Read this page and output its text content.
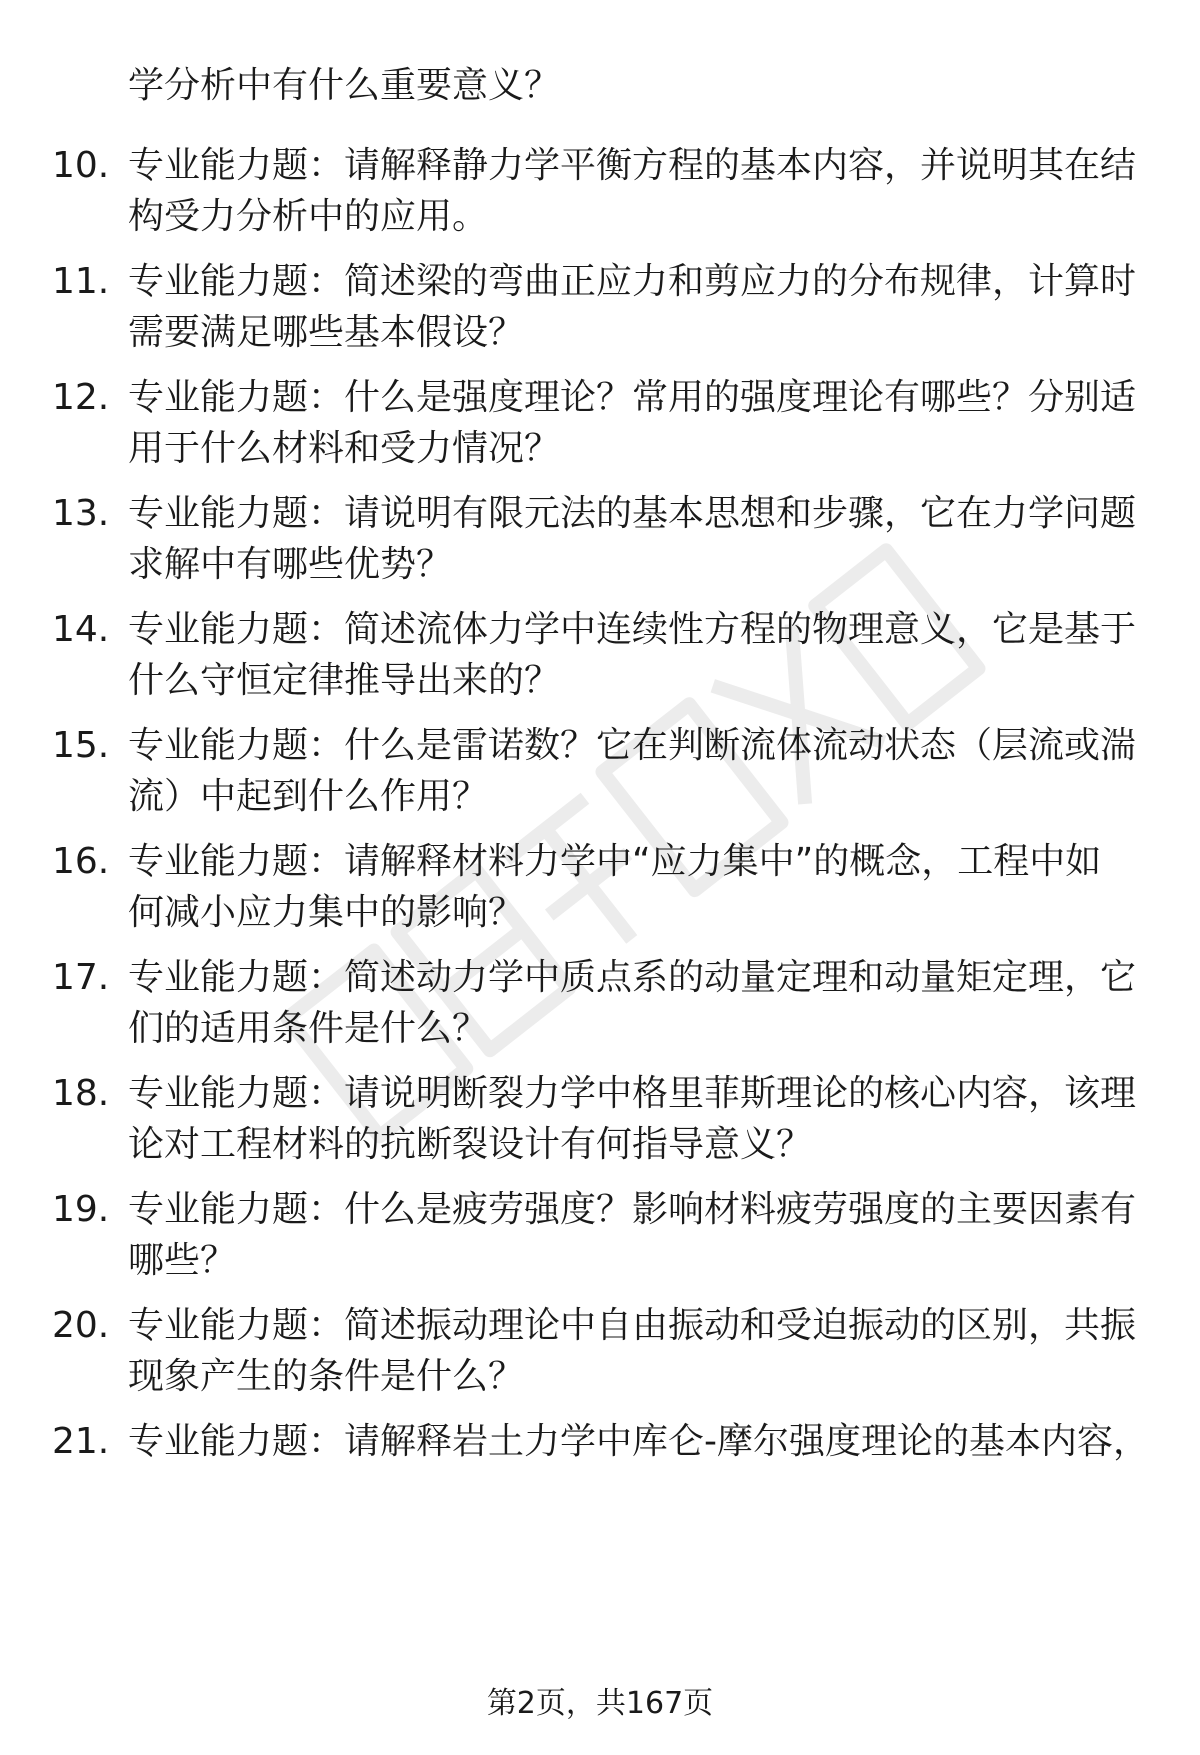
学分析中有什么重要意义？
10. 专业能力题：请解释静力学平衡方程的基本内容，并说明其在结
构受力分析中的应用。
11. 专业能力题：简述梁的弯曲正应力和剪应力的分布规律，计算时
需要满足哪些基本假设？
12. 专业能力题：什么是强度理论？常用的强度理论有哪些？分别适
用于什么材料和受力情况？
13. 专业能力题：请说明有限元法的基本思想和步骤，它在力学问题
求解中有哪些优势？
14. 专业能力题：简述流体力学中连续性方程的物理意义，它是基于
什么守恒定律推导出来的？
15. 专业能力题：什么是雷诺数？它在判断流体流动状态（层流或湍
流）中起到什么作用？
16. 专业能力题：请解释材料力学中“应力集中”的概念，工程中如
何减小应力集中的影响？
17. 专业能力题：简述动力学中质点系的动量定理和动量矩定理，它
们的适用条件是什么？
18. 专业能力题：请说明断裂力学中格里菲斯理论的核心内容，该理
论对工程材料的抗断裂设计有何指导意义？
19. 专业能力题：什么是疲劳强度？影响材料疲劳强度的主要因素有
哪些？
20. 专业能力题：简述振动理论中自由振动和受迫振动的区别，共振
现象产生的条件是什么？
21. 专业能力题：请解释岩土力学中库仑-摩尔强度理论的基本内容，
第2页，共167页
